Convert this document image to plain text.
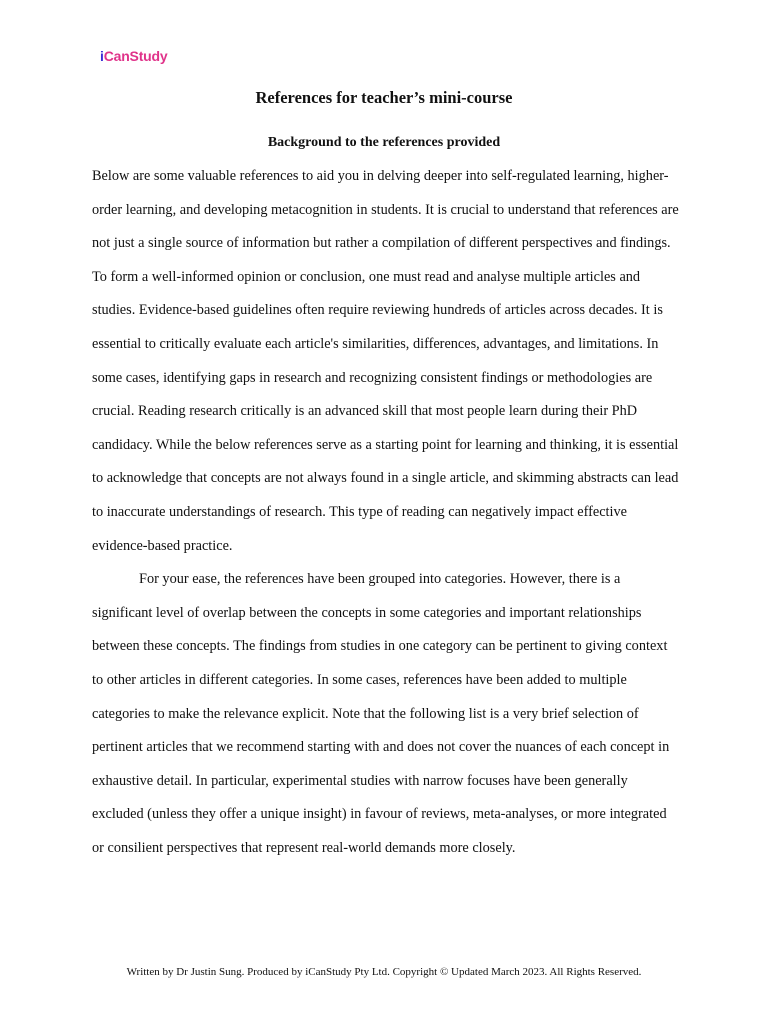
iCanStudy
References for teacher’s mini-course
Background to the references provided

Below are some valuable references to aid you in delving deeper into self-regulated learning, higher-order learning, and developing metacognition in students. It is crucial to understand that references are not just a single source of information but rather a compilation of different perspectives and findings. To form a well-informed opinion or conclusion, one must read and analyse multiple articles and studies. Evidence-based guidelines often require reviewing hundreds of articles across decades. It is essential to critically evaluate each article's similarities, differences, advantages, and limitations. In some cases, identifying gaps in research and recognizing consistent findings or methodologies are crucial. Reading research critically is an advanced skill that most people learn during their PhD candidacy. While the below references serve as a starting point for learning and thinking, it is essential to acknowledge that concepts are not always found in a single article, and skimming abstracts can lead to inaccurate understandings of research. This type of reading can negatively impact effective evidence-based practice.

For your ease, the references have been grouped into categories. However, there is a significant level of overlap between the concepts in some categories and important relationships between these concepts. The findings from studies in one category can be pertinent to giving context to other articles in different categories. In some cases, references have been added to multiple categories to make the relevance explicit. Note that the following list is a very brief selection of pertinent articles that we recommend starting with and does not cover the nuances of each concept in exhaustive detail. In particular, experimental studies with narrow focuses have been generally excluded (unless they offer a unique insight) in favour of reviews, meta-analyses, or more integrated or consilient perspectives that represent real-world demands more closely.

Written by Dr Justin Sung. Produced by iCanStudy Pty Ltd. Copyright © Updated March 2023. All Rights Reserved.
